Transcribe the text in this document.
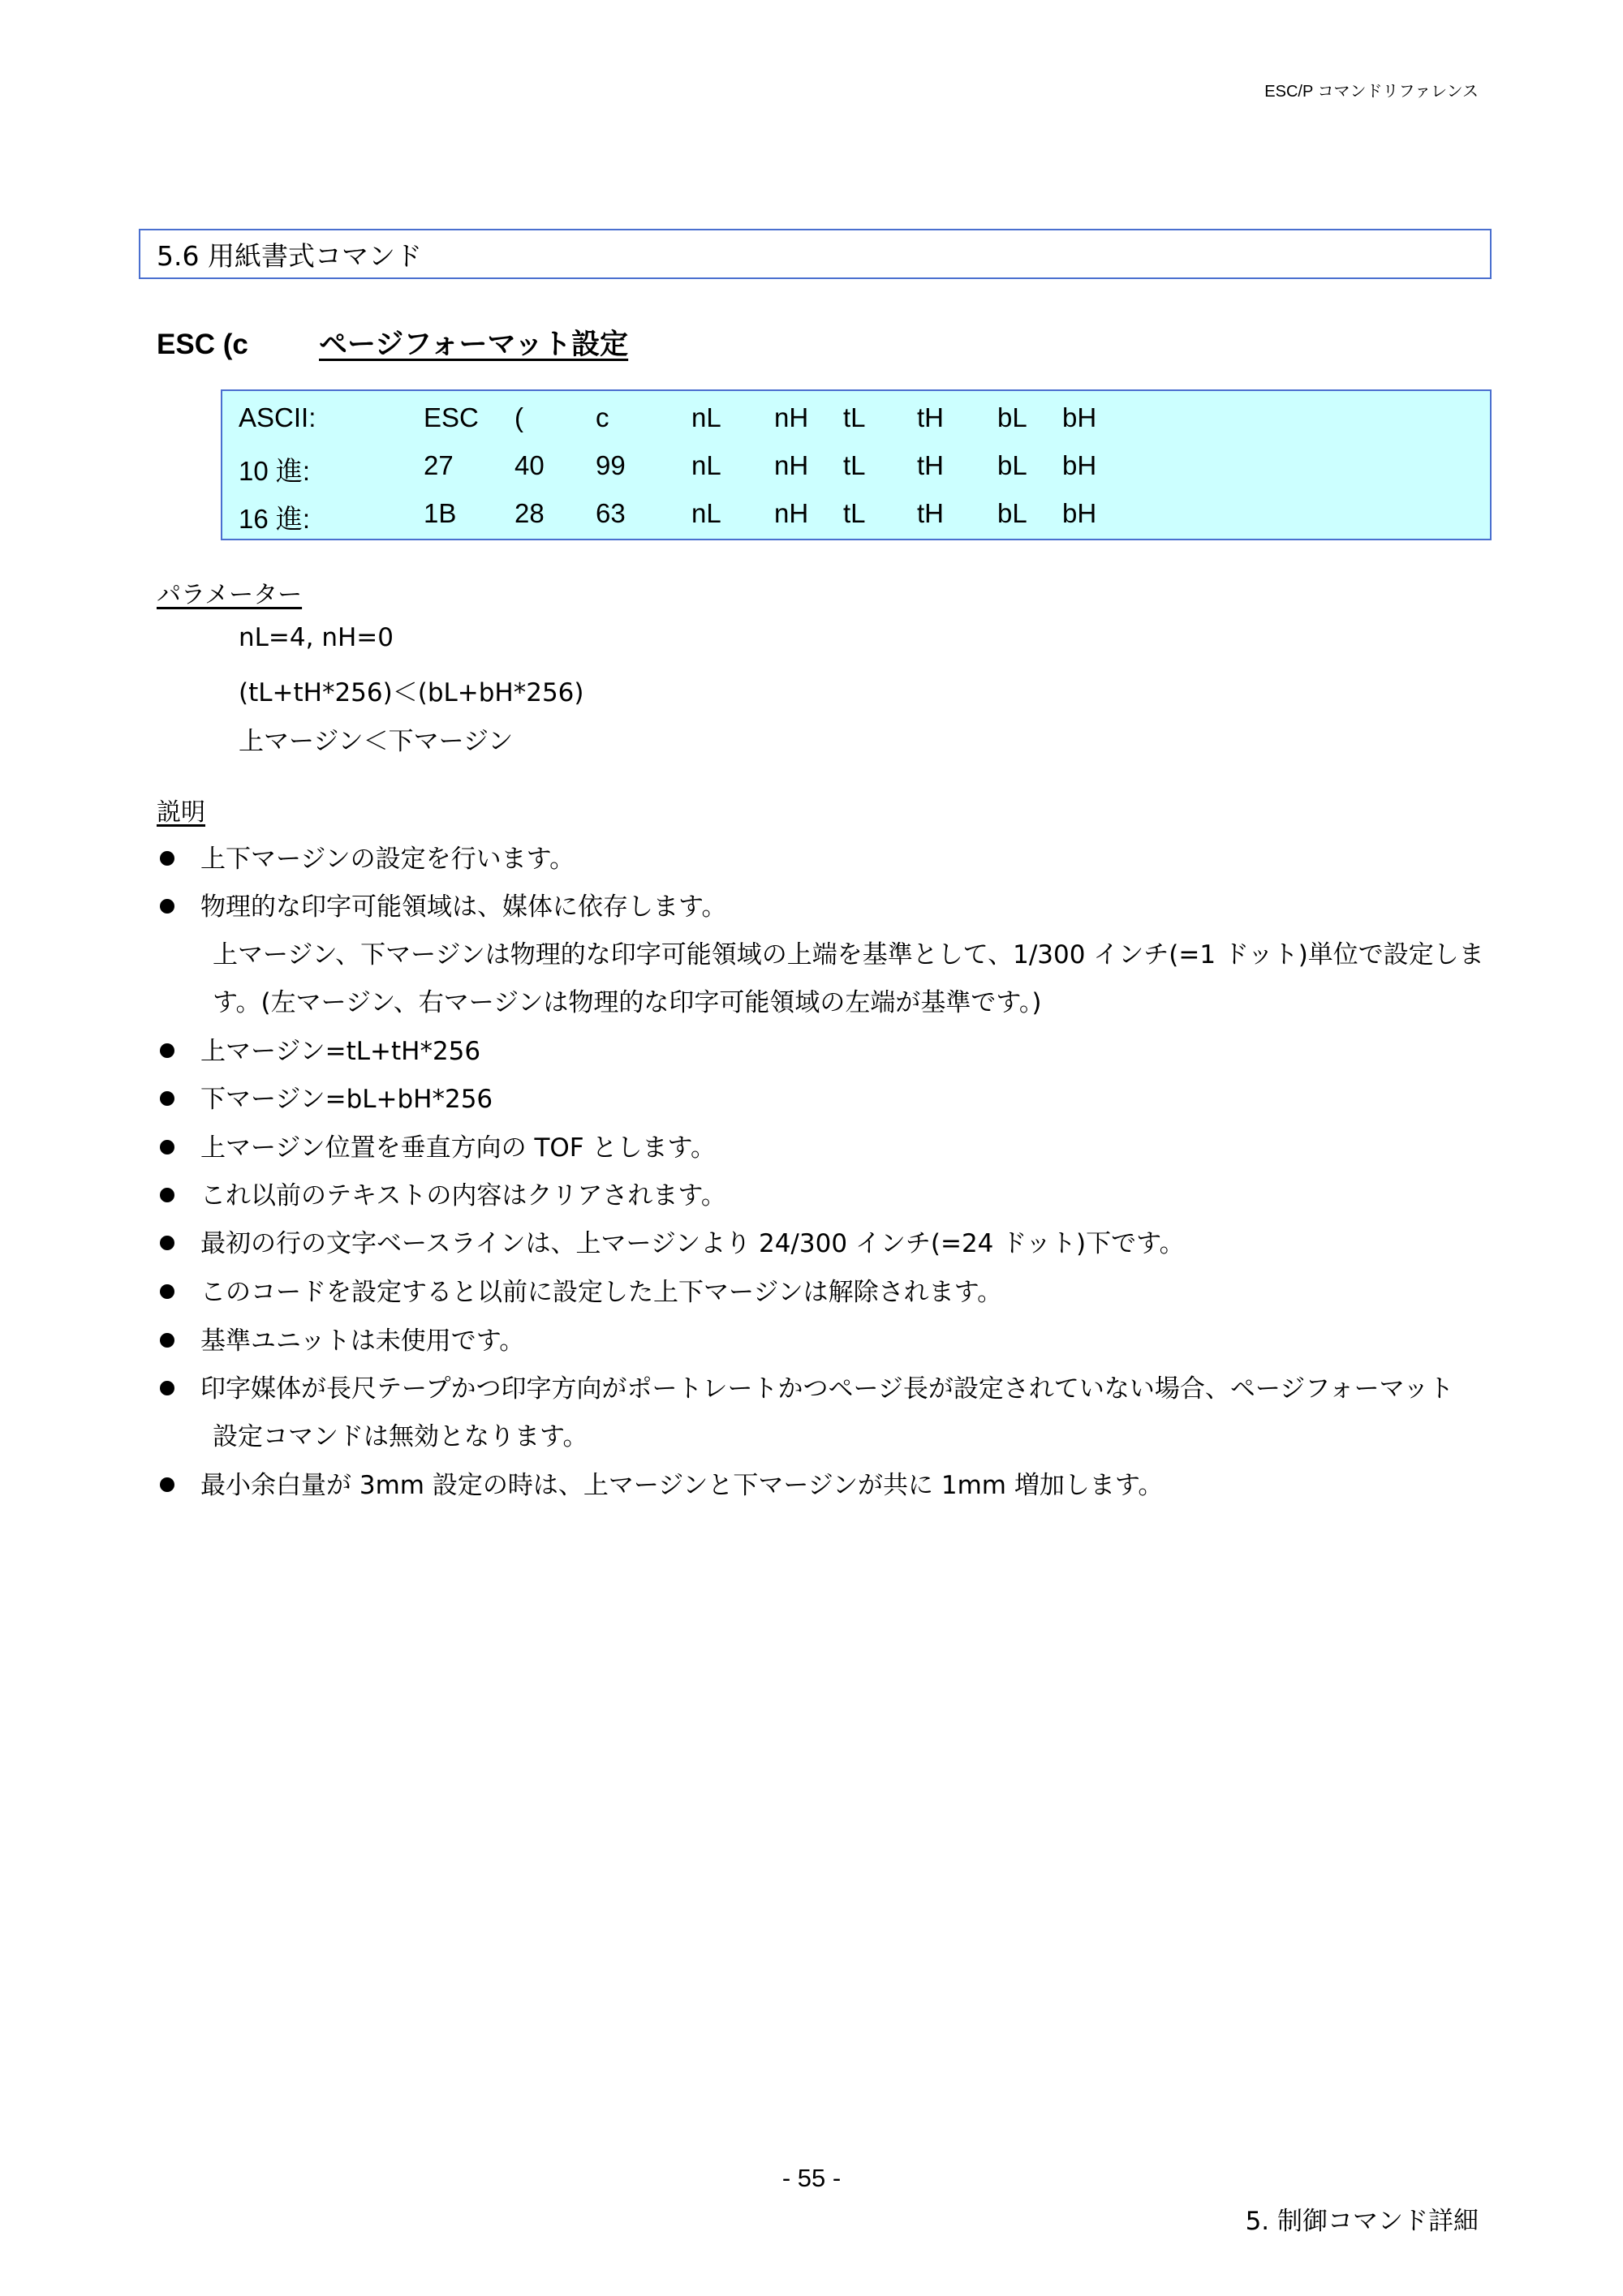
ESC/P コマンドリファレンス
5.6 用紙書式コマンド
ESC (c ページフォーマット設定
ASCII:	ESC (	c	nL nH tL tH bL bH
10 進:	27 40 99 nL nH tL tH bL bH
16 進:	1B 28 63 nL nH tL tH bL bH
パラメーター
nL=4, nH=0
(tL+tH*256)＜(bL+bH*256)
上マージン＜下マージン
説明
上下マージンの設定を行います。
物理的な印字可能領域は、媒体に依存します。
上マージン、下マージンは物理的な印字可能領域の上端を基準として、1/300 インチ(=1 ドット)単位で設定しま
す。(左マージン、右マージンは物理的な印字可能領域の左端が基準です。)
上マージン=tL+tH*256
下マージン=bL+bH*256
上マージン位置を垂直方向の TOF とします。
これ以前のテキストの内容はクリアされます。
最初の行の文字ベースラインは、上マージンより 24/300 インチ(=24 ドット)下です。
このコードを設定すると以前に設定した上下マージンは解除されます。
基準ユニットは未使用です。
印字媒体が長尺テープかつ印字方向がポートレートかつページ長が設定されていない場合、ページフォーマット
設定コマンドは無効となります。
最小余白量が 3mm 設定の時は、上マージンと下マージンが共に 1mm 増加します。
- 55 -
5. 制御コマンド詳細
